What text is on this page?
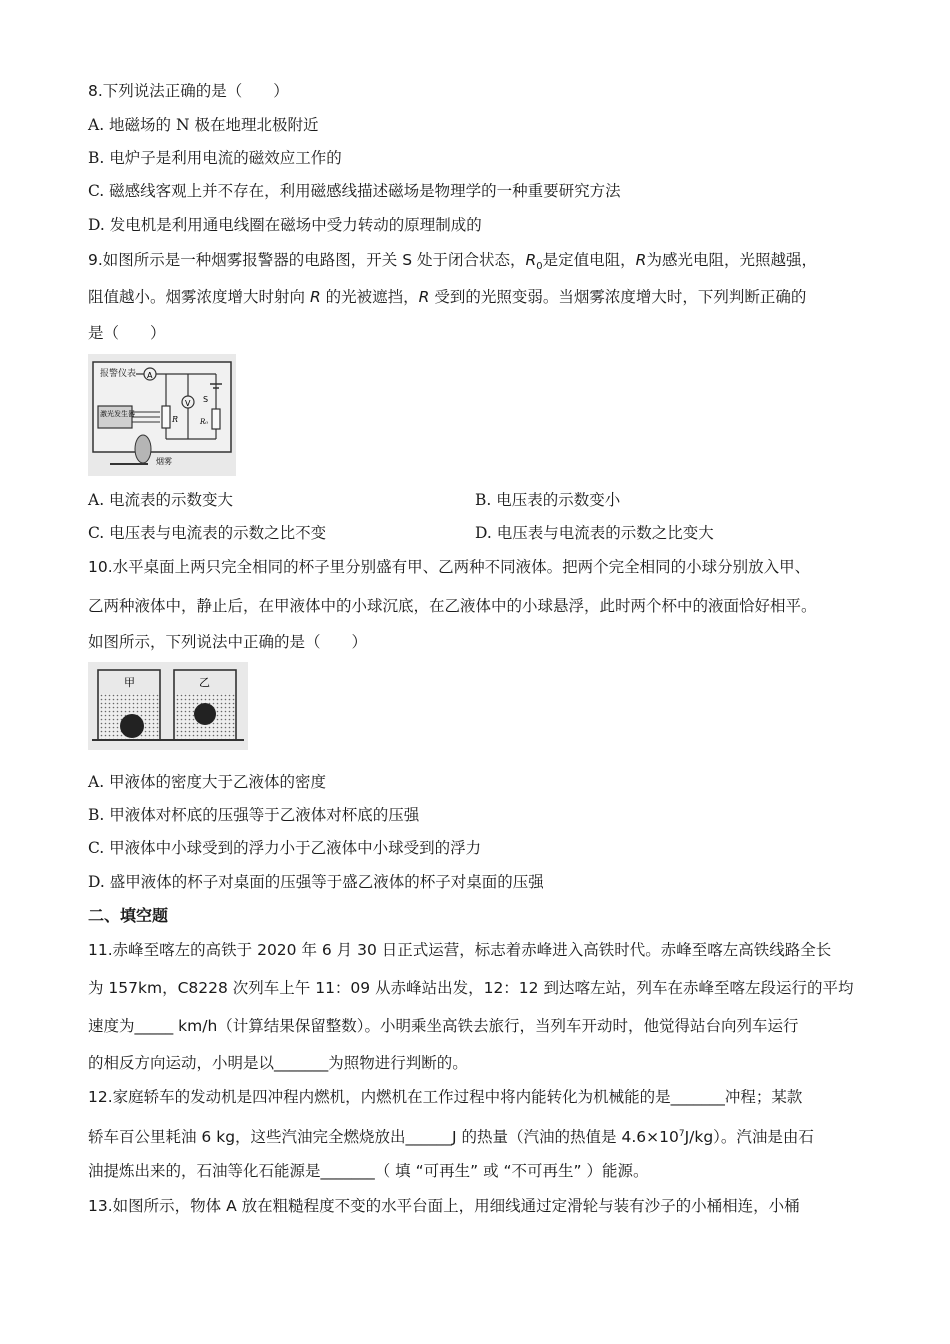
8.下列说法正确的是（　　）
A. 地磁场的 N 极在地理北极附近
B. 电炉子是利用电流的磁效应工作的
C. 磁感线客观上并不存在，利用磁感线描述磁场是物理学的一种重要研究方法
D. 发电机是利用通电线圈在磁场中受力转动的原理制成的
9.如图所示是一种烟雾报警器的电路图，开关 S 处于闭合状态，$R_0$是定值电阻，R为感光电阻，光照越强，
阻值越小。烟雾浓度增大时射向 R 的光被遮挡，R 受到的光照变弱。当烟雾浓度增大时，下列判断正确的
是（　　）
报警仪表 A
V
R
S
R₀
激光发生器
烟雾
A. 电流表的示数变大	B. 电压表的示数变小
C. 电压表与电流表的示数之比不变	D. 电压表与电流表的示数之比变大
10.水平桌面上两只完全相同的杯子里分别盛有甲、乙两种不同液体。把两个完全相同的小球分别放入甲、
乙两种液体中，静止后，在甲液体中的小球沉底，在乙液体中的小球悬浮，此时两个杯中的液面恰好相平。
如图所示，下列说法中正确的是（　　）
甲	乙
A. 甲液体的密度大于乙液体的密度
B. 甲液体对杯底的压强等于乙液体对杯底的压强
C. 甲液体中小球受到的浮力小于乙液体中小球受到的浮力
D. 盛甲液体的杯子对桌面的压强等于盛乙液体的杯子对桌面的压强
二、填空题
11.赤峰至喀左的高铁于 2020 年 6 月 30 日正式运营，标志着赤峰进入高铁时代。赤峰至喀左高铁线路全长
为 157km，C8228 次列车上午 11：09 从赤峰站出发，12：12 到达喀左站，列车在赤峰至喀左段运行的平均
速度为_____ km/h（计算结果保留整数）。小明乘坐高铁去旅行，当列车开动时，他觉得站台向列车运行
的相反方向运动，小明是以_______为照物进行判断的。
12.家庭轿车的发动机是四冲程内燃机，内燃机在工作过程中将内能转化为机械能的是_______冲程；某款
轿车百公里耗油 6 kg，这些汽油完全燃烧放出______J 的热量（汽油的热值是 $4.6\times 10^7J/kg$）。汽油是由石
油提炼出来的，石油等化石能源是_______（ 填 “可再生” 或 “不可再生” ）能源。
13.如图所示，物体 A 放在粗糙程度不变的水平台面上，用细线通过定滑轮与装有沙子的小桶相连，小桶
